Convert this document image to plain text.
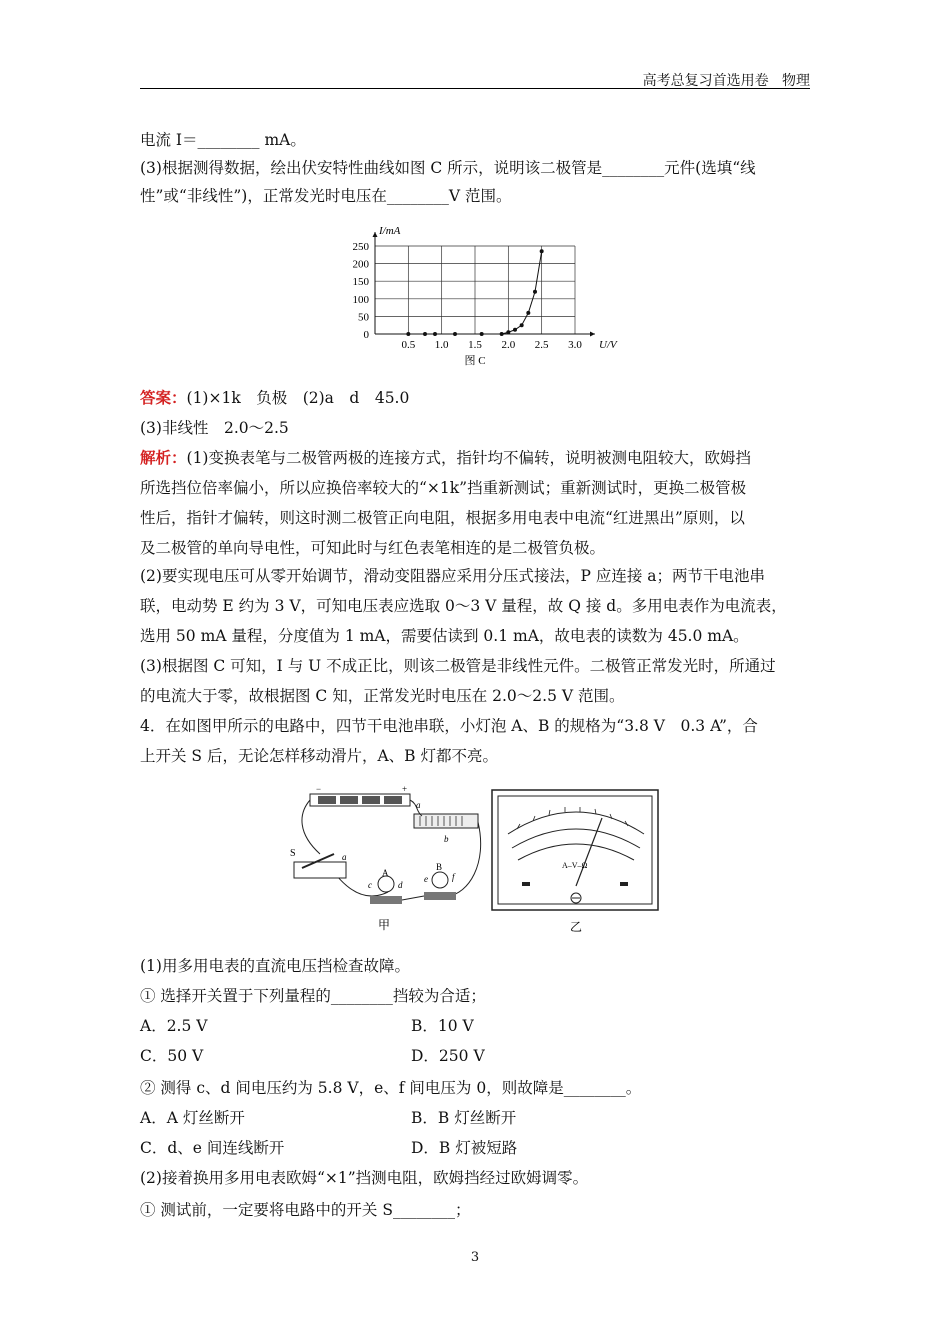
高考总复习首选用卷 物理
电流 I＝________ mA。
(3)根据测得数据，绘出伏安特性曲线如图 C 所示，说明该二极管是________元件(选填“线
性”或“非线性”)，正常发光时电压在________V 范围。
0.5 1.0 1.5 2.0 2.5 3.0
0
50
100
150
200
250
U/V
I/mA
图 C
答案：(1)×1k　负极　(2)a　d　45.0
(3)非线性　2.0～2.5
解析：(1)变换表笔与二极管两极的连接方式，指针均不偏转，说明被测电阻较大，欧姆挡
所选挡位倍率偏小，所以应换倍率较大的“×1k”挡重新测试；重新测试时，更换二极管极
性后，指针才偏转，则这时测二极管正向电阻，根据多用电表中电流“红进黑出”原则，以
及二极管的单向导电性，可知此时与红色表笔相连的是二极管负极。
(2)要实现电压可从零开始调节，滑动变阻器应采用分压式接法，P 应连接 a；两节干电池串
联，电动势 E 约为 3 V，可知电压表应选取 0～3 V 量程，故 Q 接 d。多用电表作为电流表，
选用 50 mA 量程，分度值为 1 mA，需要估读到 0.1 mA，故电表的读数为 45.0 mA。
(3)根据图 C 可知，I 与 U 不成正比，则该二极管是非线性元件。二极管正常发光时，所通过
的电流大于零，故根据图 C 知，正常发光时电压在 2.0～2.5 V 范围。
4．在如图甲所示的电路中，四节干电池串联，小灯泡 A、B 的规格为“3.8 V　0.3 A”，合
上开关 S 后，无论怎样移动滑片，A、B 灯都不亮。
−	+
a
b
S	a
A
c	d
B
e	f
甲
A–V–Ω
乙
(1)用多用电表的直流电压挡检查故障。
① 选择开关置于下列量程的________挡较为合适；
A．2.5 V	B．10 V
C．50 V	D．250 V
② 测得 c、d 间电压约为 5.8 V，e、f 间电压为 0，则故障是________。
A．A 灯丝断开	B．B 灯丝断开
C．d、e 间连线断开	D．B 灯被短路
(2)接着换用多用电表欧姆“×1”挡测电阻，欧姆挡经过欧姆调零。
① 测试前，一定要将电路中的开关 S________；
3
